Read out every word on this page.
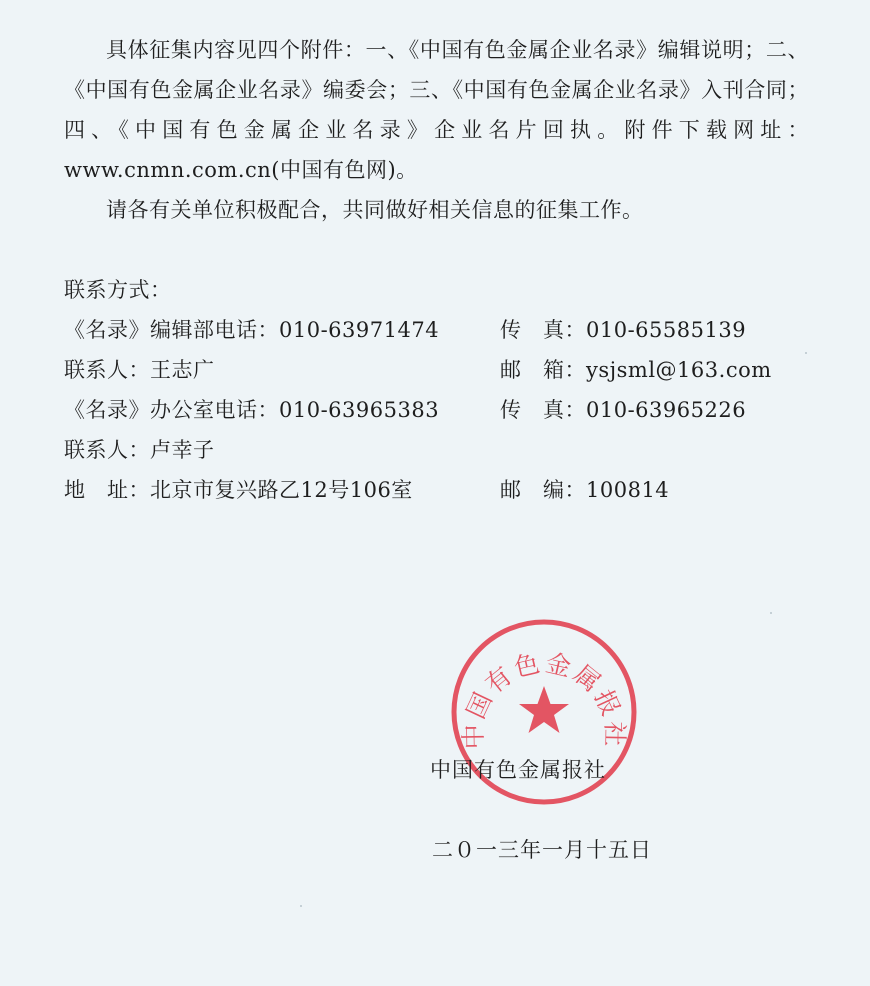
具体征集内容见四个附件：一、《中国有色金属企业名录》编辑说明；二、《中国有色金属企业名录》编委会；三、《中国有色金属企业名录》入刊合同；四、《中国有色金属企业名录》企业名片回执。附件下载网址：www.cnmn.com.cn(中国有色网)。

请各有关单位积极配合，共同做好相关信息的征集工作。

联系方式：
《名录》编辑部电话：010-63971474	传　真：010-65585139
联系人：王志广	邮　箱：ysjsml@163.com
《名录》办公室电话：010-63965383	传　真：010-63965226
联系人：卢幸子
地　址：北京市复兴路乙12号106室	邮　编：100814
中国有色金属报社
中国有色金属报社
二０一三年一月十五日
